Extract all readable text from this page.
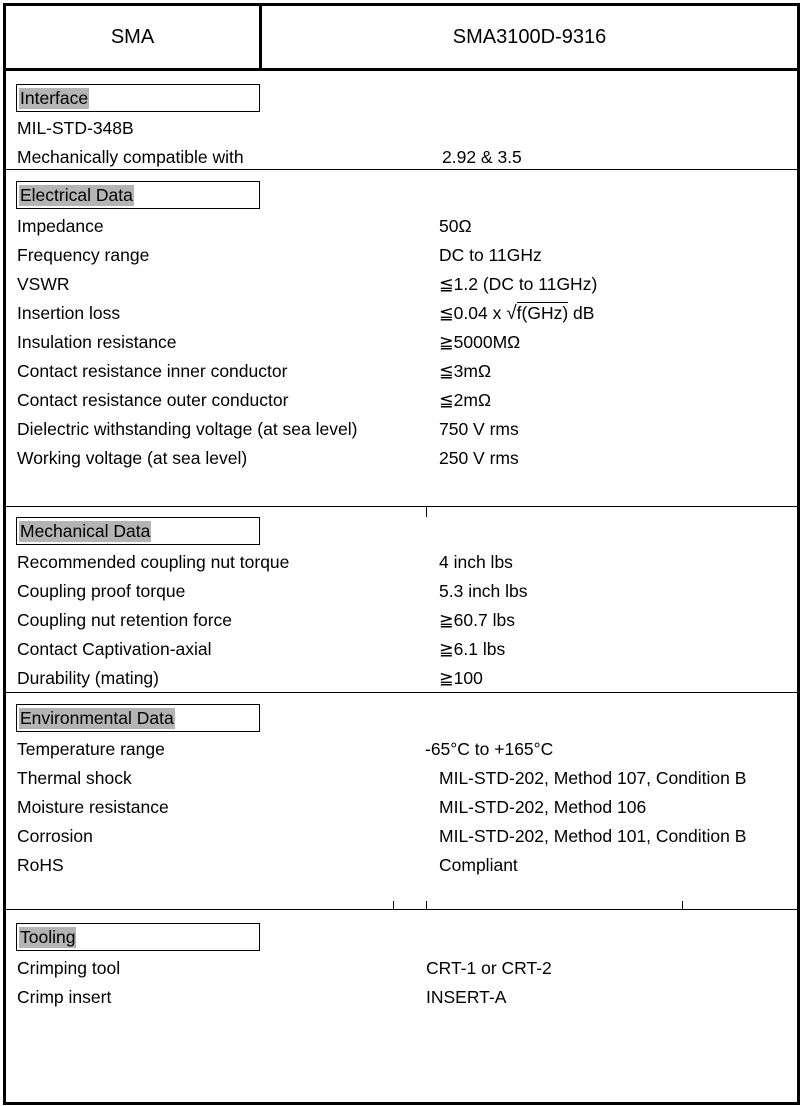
SMA	SMA3100D-9316
Interface
MIL-STD-348B
Mechanically compatible with	2.92 & 3.5
Electrical Data
Impedance	50Ω
Frequency range	DC to 11GHz
VSWR	≦1.2 (DC to 11GHz)
Insertion loss	≦0.04 x √f(GHz) dB
Insulation resistance	≧5000MΩ
Contact resistance inner conductor	≦3mΩ
Contact resistance outer conductor	≦2mΩ
Dielectric withstanding voltage (at sea level)	750 V rms
Working voltage (at sea level)	250 V rms
Mechanical Data
Recommended coupling nut torque	4 inch lbs
Coupling proof torque	5.3 inch lbs
Coupling nut retention force	≧60.7 lbs
Contact Captivation-axial	≧6.1 lbs
Durability (mating)	≧100
Environmental Data
Temperature range	-65°C to +165°C
Thermal shock	MIL-STD-202, Method 107, Condition B
Moisture resistance	MIL-STD-202, Method 106
Corrosion	MIL-STD-202, Method 101, Condition B
RoHS	Compliant
Tooling
Crimping tool	CRT-1 or CRT-2
Crimp insert	INSERT-A
